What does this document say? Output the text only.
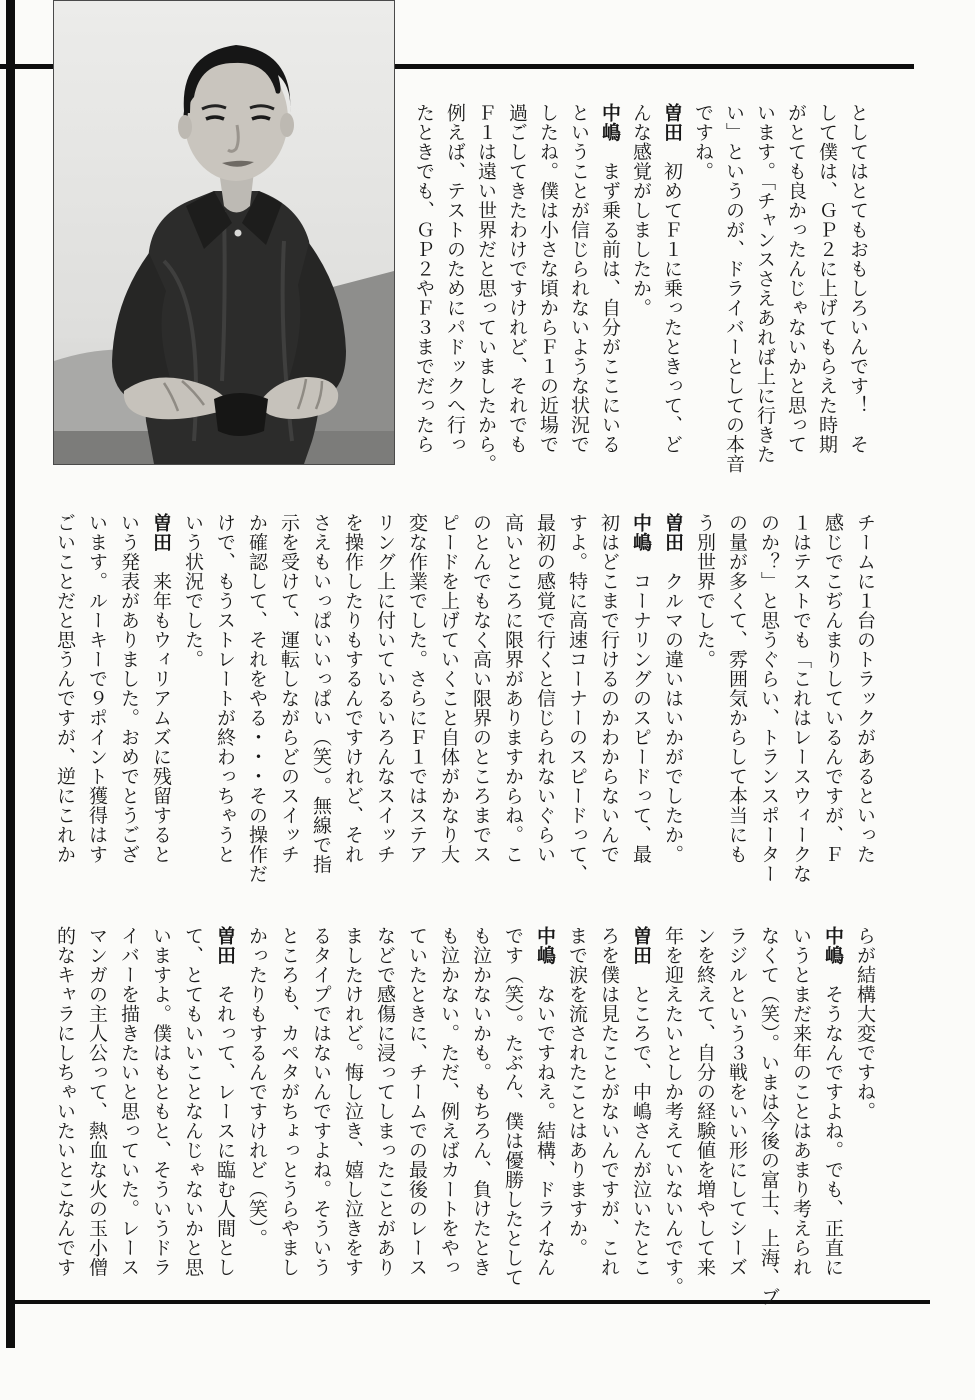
としてはとてもおもしろいんです！　そ
して僕は、ＧＰ２に上げてもらえた時期
がとても良かったんじゃないかと思って
います。「チャンスさえあれば上に行きた
い」というのが、ドライバーとしての本音
ですね。
曽田　初めてＦ１に乗ったときって、ど
んな感覚がしましたか。
中嶋　まず乗る前は、自分がここにいる
ということが信じられないような状況で
したね。僕は小さな頃からＦ１の近場で
過ごしてきたわけですけれど、それでも
Ｆ１は遠い世界だと思っていましたから。
例えば、テストのためにパドックへ行っ
たときでも、ＧＰ２やＦ３までだったら
チームに１台のトラックがあるといった
感じでこぢんまりしているんですが、Ｆ
１はテストでも「これはレースウィークな
のか？」と思うぐらい、トランスポーター
の量が多くて、雰囲気からして本当にも
う別世界でした。
曽田　クルマの違いはいかがでしたか。
中嶋　コーナリングのスピードって、最
初はどこまで行けるのかわからないんで
すよ。特に高速コーナーのスピードって、
最初の感覚で行くと信じられないぐらい
高いところに限界がありますからね。こ
のとんでもなく高い限界のところまでス
ピードを上げていくこと自体がかなり大
変な作業でした。さらにＦ１ではステア
リング上に付いているいろんなスイッチ
を操作したりもするんですけれど、それ
さえもいっぱいいっぱい（笑）。無線で指
示を受けて、運転しながらどのスイッチ
か確認して、それをやる・・・その操作だ
けで、もうストレートが終わっちゃうと
いう状況でした。
曽田　来年もウィリアムズに残留すると
いう発表がありました。おめでとうござ
います。ルーキーで９ポイント獲得はす
ごいことだと思うんですが、逆にこれか
らが結構大変ですね。
中嶋　そうなんですよね。でも、正直に
いうとまだ来年のことはあまり考えられ
なくて（笑）。いまは今後の富士、上海、ブ
ラジルという３戦をいい形にしてシーズ
ンを終えて、自分の経験値を増やして来
年を迎えたいとしか考えていないんです。
曽田　ところで、中嶋さんが泣いたとこ
ろを僕は見たことがないんですが、これ
まで涙を流されたことはありますか。
中嶋　ないですねえ。結構、ドライなん
です（笑）。たぶん、僕は優勝したとして
も泣かないかも。もちろん、負けたとき
も泣かない。ただ、例えばカートをやっ
ていたときに、チームでの最後のレース
などで感傷に浸ってしまったことがあり
ましたけれど。悔し泣き、嬉し泣きをす
るタイプではないんですよね。そういう
ところも、カペタがちょっとうらやまし
かったりもするんですけれど（笑）。
曽田　それって、レースに臨む人間とし
て、とてもいいことなんじゃないかと思
いますよ。僕はもともと、そういうドラ
イバーを描きたいと思っていた。レース
マンガの主人公って、熱血な火の玉小僧
的なキャラにしちゃいたいとこなんです
